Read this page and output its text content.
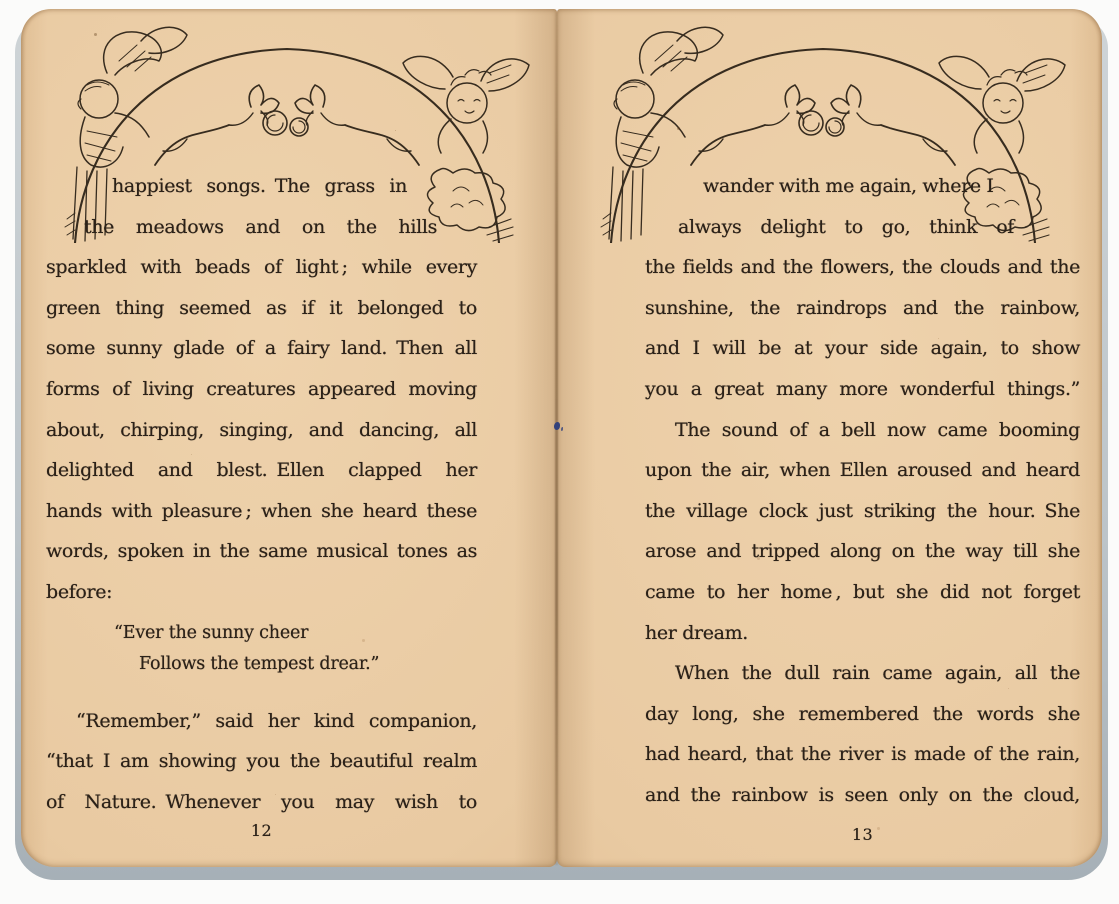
happiest songs. The grass in
the meadows and on the hills
sparkled with beads of light ; while every
green thing seemed as if it belonged to
some sunny glade of a fairy land. Then all
forms of living creatures appeared moving
about, chirping, singing, and dancing, all
delighted and blest. Ellen clapped her
hands with pleasure ; when she heard these
words, spoken in the same musical tones as
before:
“Ever the sunny cheer
Follows the tempest drear.”
“Remember,” said her kind companion,
“that I am showing you the beautiful realm
of Nature. Whenever you may wish to
12
wander with me again, where I
always delight to go, think of
the fields and the flowers, the clouds and the
sunshine, the raindrops and the rainbow,
and I will be at your side again, to show
you a great many more wonderful things.”
The sound of a bell now came booming
upon the air, when Ellen aroused and heard
the village clock just striking the hour. She
arose and tripped along on the way till she
came to her home , but she did not forget
her dream.
When the dull rain came again, all the
day long, she remembered the words she
had heard, that the river is made of the rain,
and the rainbow is seen only on the cloud,
13
